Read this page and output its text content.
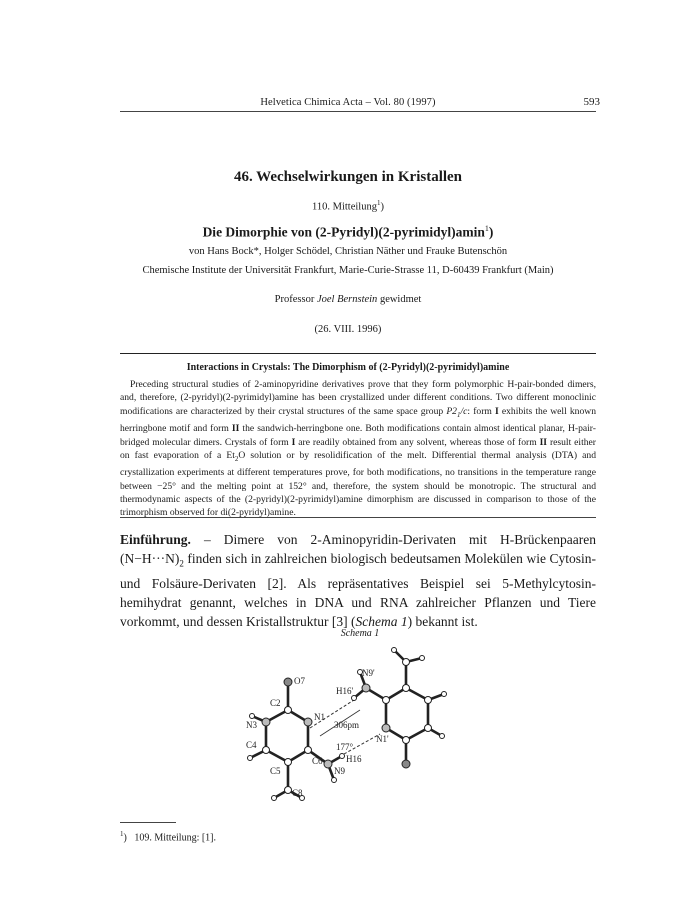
Helvetica Chimica Acta – Vol. 80 (1997)	593
46. Wechselwirkungen in Kristallen
110. Mitteilung$^1$)
Die Dimorphie von (2-Pyridyl)(2-pyrimidyl)amin$^1$)
von Hans Bock*, Holger Schödel, Christian Näther und Frauke Butenschön
Chemische Institute der Universität Frankfurt, Marie-Curie-Strasse 11, D-60439 Frankfurt (Main)
Professor Joel Bernstein gewidmet
(26. VIII. 1996)
Interactions in Crystals: The Dimorphism of (2-Pyridyl)(2-pyrimidyl)amine
Preceding structural studies of 2-aminopyridine derivatives prove that they form polymorphic H-pair-bonded dimers, and, therefore, (2-pyridyl)(2-pyrimidyl)amine has been crystallized under different conditions. Two different monoclinic modifications are characterized by their crystal structures of the same space group $P2_1/c$: form I exhibits the well known herringbone motif and form II the sandwich-herringbone one. Both modifications contain almost identical planar, H-pair-bridged molecular dimers. Crystals of form I are readily obtained from any solvent, whereas those of form II result either on fast evaporation of a $Et_2O$ solution or by resolidification of the melt. Differential thermal analysis (DTA) and crystallization experiments at different temperatures prove, for both modifications, no transitions in the temperature range between −25° and the melting point at 152° and, therefore, the system should be monotropic. The structural and thermodynamic aspects of the (2-pyridyl)(2-pyrimidyl)amine dimorphism are discussed in comparison to those of the trimorphism observed for di(2-pyridyl)amine.
Einführung. – Dimere von 2-Aminopyridin-Derivaten mit H-Brückenpaaren $(N-H\cdot\cdot\cdot N)_2$ finden sich in zahlreichen biologisch bedeutsamen Molekülen wie Cytosin- und Folsäure-Derivaten [2]. Als repräsentatives Beispiel sei 5-Methylcytosin-hemihydrat genannt, welches in DNA und RNA zahlreicher Pflanzen und Tiere vorkommt, und dessen Kristallstruktur [3] (Schema 1) bekannt ist.
Schema 1
O7
C2
N1
N3
C4
C5
C6
C8
N9
H16
N9'
H16'
N1'
306pm
177°
$^1$)   109. Mitteilung: [1].
